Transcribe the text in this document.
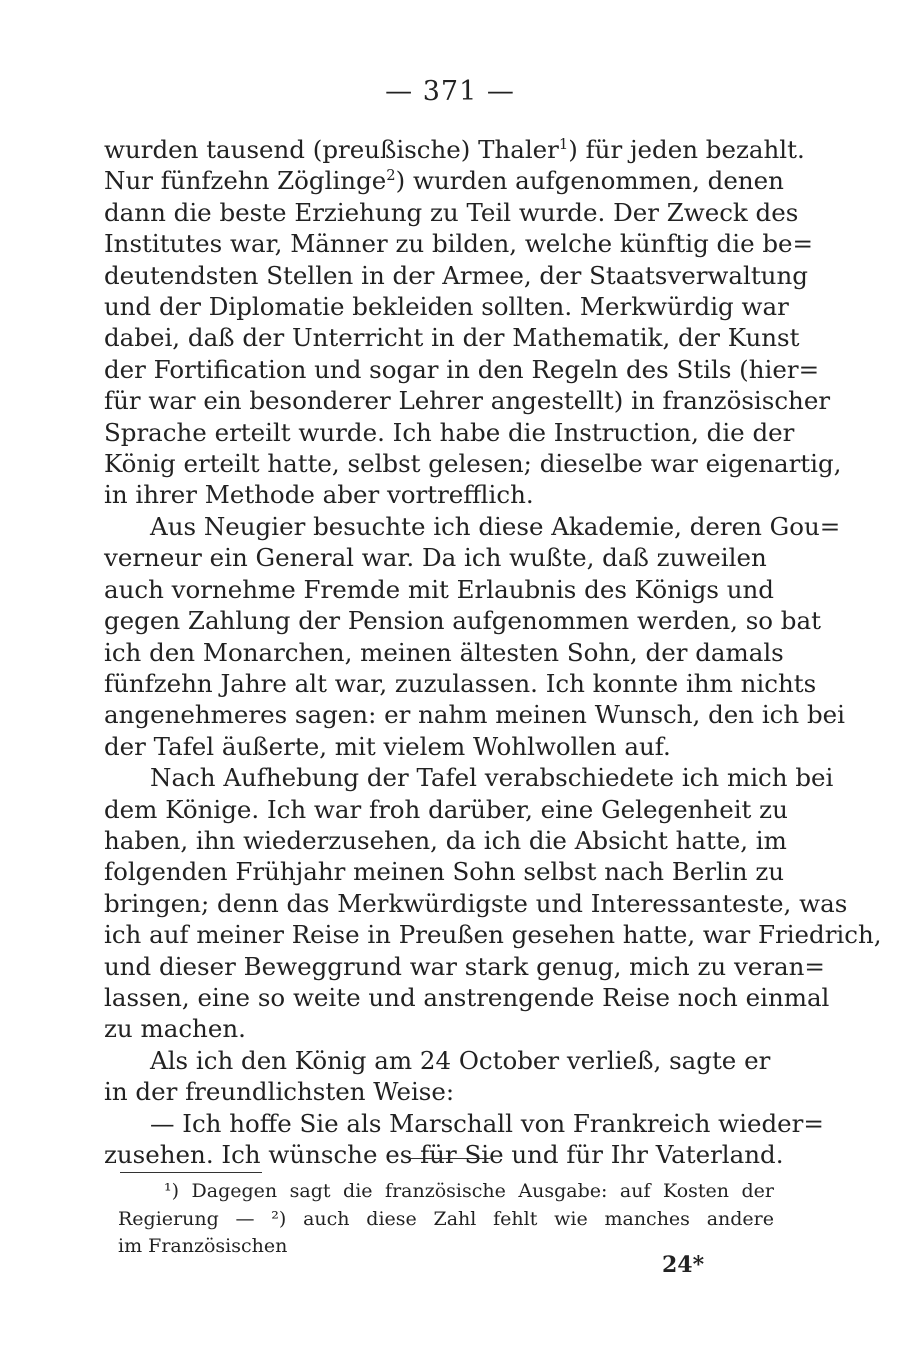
— 371 —
wurden tausend (preußische) Thaler$^1$) für jeden bezahlt.
Nur fünfzehn Zöglinge$^2$) wurden aufgenommen, denen
dann die beste Erziehung zu Teil wurde. Der Zweck des
Institutes war, Männer zu bilden, welche künftig die be=
deutendsten Stellen in der Armee, der Staatsverwaltung
und der Diplomatie bekleiden sollten. Merkwürdig war
dabei, daß der Unterricht in der Mathematik, der Kunst
der Fortification und sogar in den Regeln des Stils (hier=
für war ein besonderer Lehrer angestellt) in französischer
Sprache erteilt wurde. Ich habe die Instruction, die der
König erteilt hatte, selbst gelesen; dieselbe war eigenartig,
in ihrer Methode aber vortrefflich.
Aus Neugier besuchte ich diese Akademie, deren Gou=
verneur ein General war. Da ich wußte, daß zuweilen
auch vornehme Fremde mit Erlaubnis des Königs und
gegen Zahlung der Pension aufgenommen werden, so bat
ich den Monarchen, meinen ältesten Sohn, der damals
fünfzehn Jahre alt war, zuzulassen. Ich konnte ihm nichts
angenehmeres sagen: er nahm meinen Wunsch, den ich bei
der Tafel äußerte, mit vielem Wohlwollen auf.
Nach Aufhebung der Tafel verabschiedete ich mich bei
dem Könige. Ich war froh darüber, eine Gelegenheit zu
haben, ihn wiederzusehen, da ich die Absicht hatte, im
folgenden Frühjahr meinen Sohn selbst nach Berlin zu
bringen; denn das Merkwürdigste und Interessanteste, was
ich auf meiner Reise in Preußen gesehen hatte, war Friedrich,
und dieser Beweggrund war stark genug, mich zu veran=
lassen, eine so weite und anstrengende Reise noch einmal
zu machen.
Als ich den König am 24 October verließ, sagte er
in der freundlichsten Weise:
— Ich hoffe Sie als Marschall von Frankreich wieder=
zusehen. Ich wünsche es für Sie und für Ihr Vaterland.
¹) Dagegen sagt die französische Ausgabe: auf Kosten der
Regierung — ²) auch diese Zahl fehlt wie manches andere
im Französischen
24*
